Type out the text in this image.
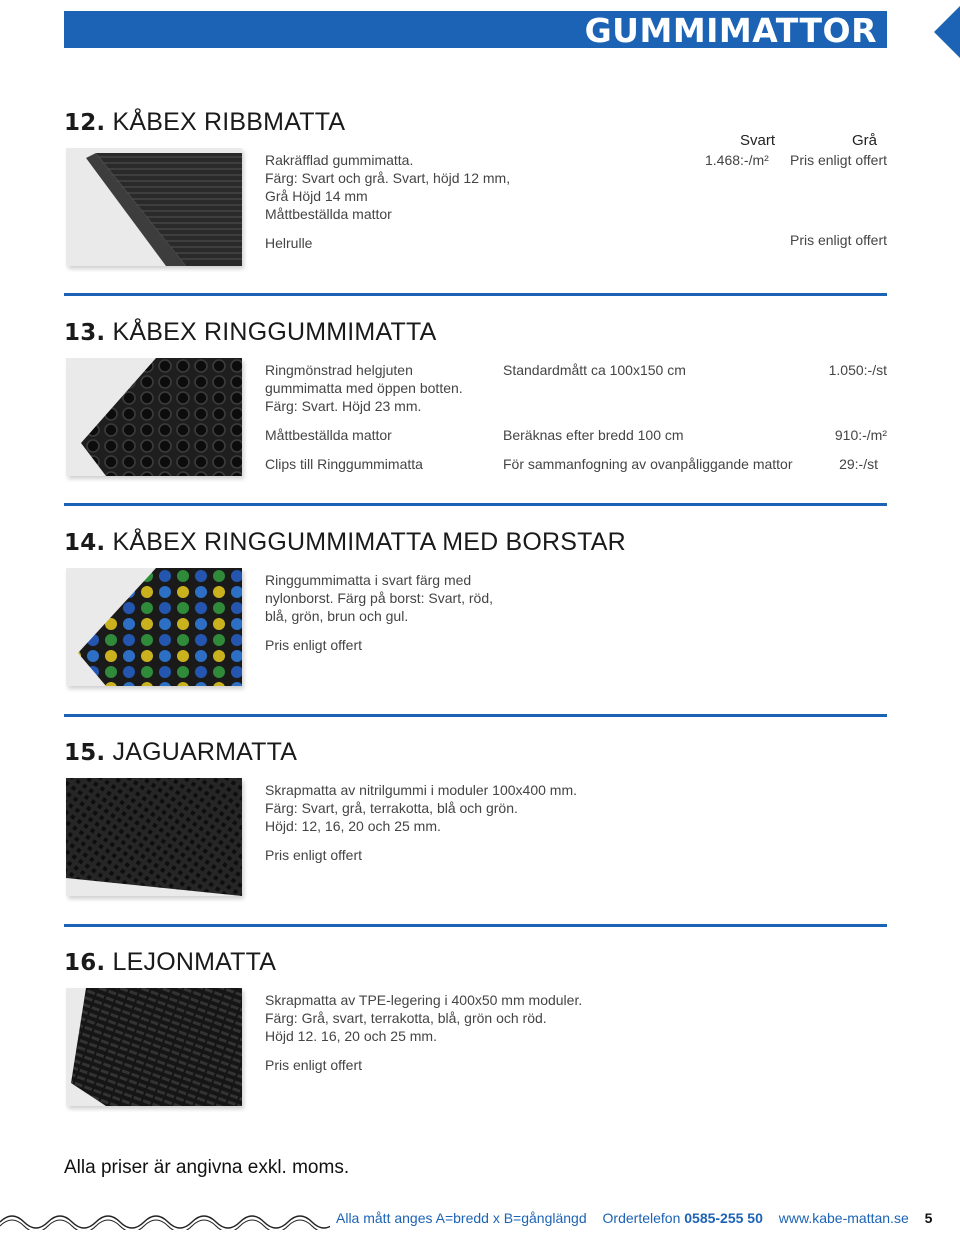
GUMMIMATTOR
12. KÅBEX RIBBMATTA
Svart	Grå
Rakräfflad gummimatta.
Färg: Svart och grå. Svart, höjd 12 mm,
Grå Höjd 14 mm
Måttbeställda mattor
1.468:-/m² Pris enligt offert
Helrulle	Pris enligt offert
13. KÅBEX RINGGUMMIMATTA
Ringmönstrad helgjuten
gummimatta med öppen botten.
Färg: Svart. Höjd 23 mm.
Standardmått ca 100x150 cm	1.050:-/st
Måttbeställda mattor	Beräknas efter bredd 100 cm	910:-/m²
Clips till Ringgummimatta	För sammanfogning av ovanpåliggande mattor	29:-/st
14. KÅBEX RINGGUMMIMATTA MED BORSTAR
Ringgummimatta i svart färg med
nylonborst. Färg på borst: Svart, röd,
blå, grön, brun och gul.
Pris enligt offert
15. JAGUARMATTA
Skrapmatta av nitrilgummi i moduler 100x400 mm.
Färg: Svart, grå, terrakotta, blå och grön.
Höjd: 12, 16, 20 och 25 mm.
Pris enligt offert
16. LEJONMATTA
Skrapmatta av TPE-legering i 400x50 mm moduler.
Färg: Grå, svart, terrakotta, blå, grön och röd.
Höjd 12. 16, 20 och 25 mm.
Pris enligt offert
Alla priser är angivna exkl. moms.
Alla mått anges A=bredd x B=gånglängd Ordertelefon 0585-255 50 www.kabe-mattan.se 5
